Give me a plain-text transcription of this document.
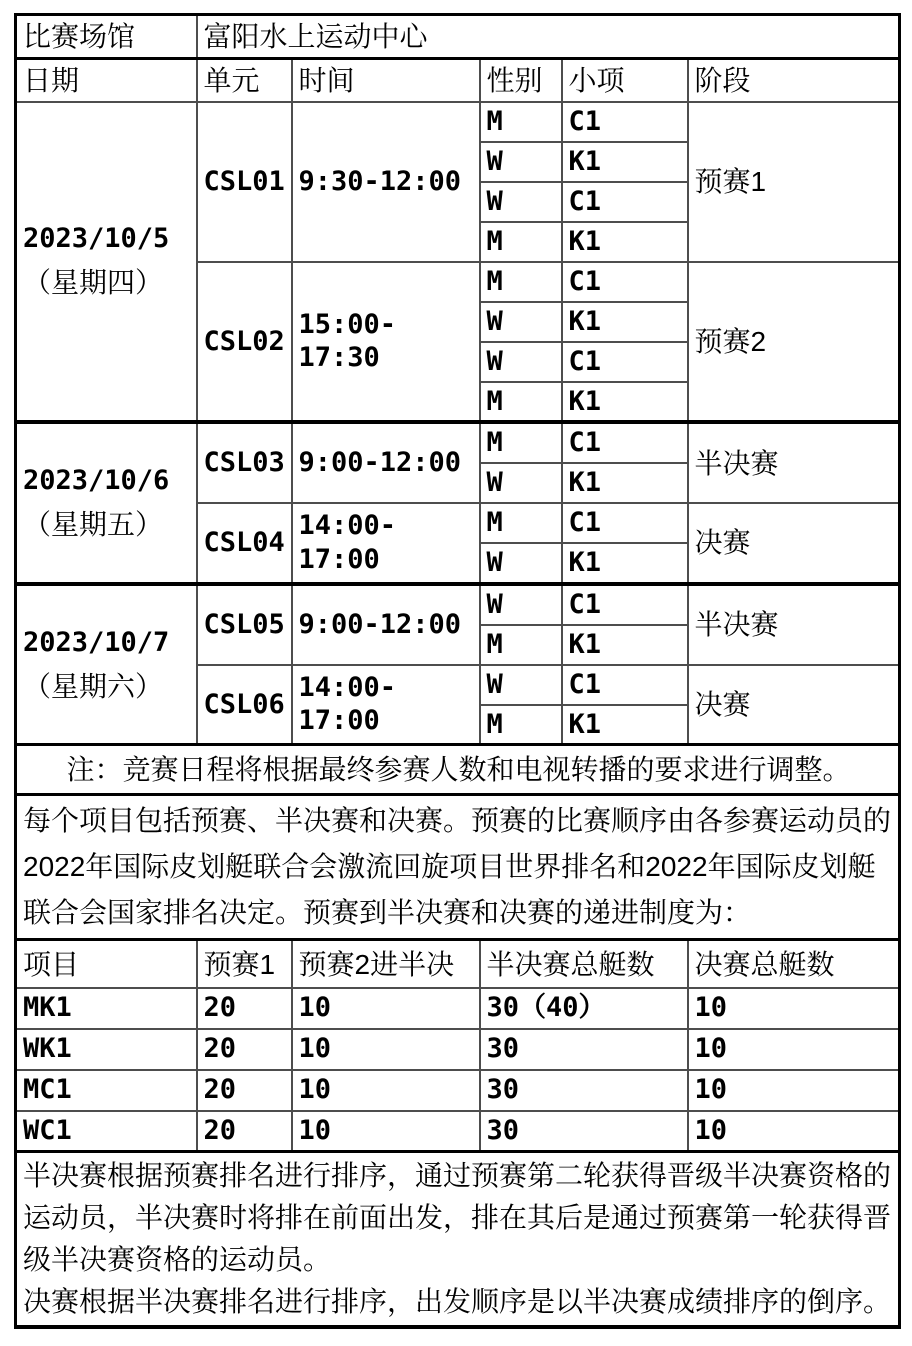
比赛场馆	富阳水上运动中心				
日期	单元	时间	性别	小项	阶段

2023/10/5
（星期四）	CSL01	9:30-12:00	M	C1	预赛1
			W	K1	
			W	C1	
			M	K1	
	CSL02	15:00-17:30	M	C1	预赛2
			W	K1	
			W	C1	
			M	K1	

2023/10/6
（星期五）	CSL03	9:00-12:00	M	C1	半决赛
			W	K1	
	CSL04	14:00-17:00	M	C1	决赛
			W	K1	

2023/10/7
（星期六）	CSL05	9:00-12:00	W	C1	半决赛
			M	K1	
	CSL06	14:00-17:00	W	C1	决赛
			M	K1	
注：竞赛日程将根据最终参赛人数和电视转播的要求进行调整。					
每个项目包括预赛、半决赛和决赛。预赛的比赛顺序由各参赛运动员的2022年国际皮划艇联合会激流回旋项目世界排名和2022年国际皮划艇联合会国家排名决定。预赛到半决赛和决赛的递进制度为：					
项目	预赛1	预赛2进半决	半决赛总艇数		决赛总艇数
MK1	20	10	30（40）		10
WK1	20	10	30		10
MC1	20	10	30		10
WC1	20	10	30		10

半决赛根据预赛排名进行排序，通过预赛第二轮获得晋级半决赛资格的运动员，半决赛时将排在前面出发，排在其后是通过预赛第一轮获得晋级半决赛资格的运动员。
决赛根据半决赛排名进行排序，出发顺序是以半决赛成绩排序的倒序。					
